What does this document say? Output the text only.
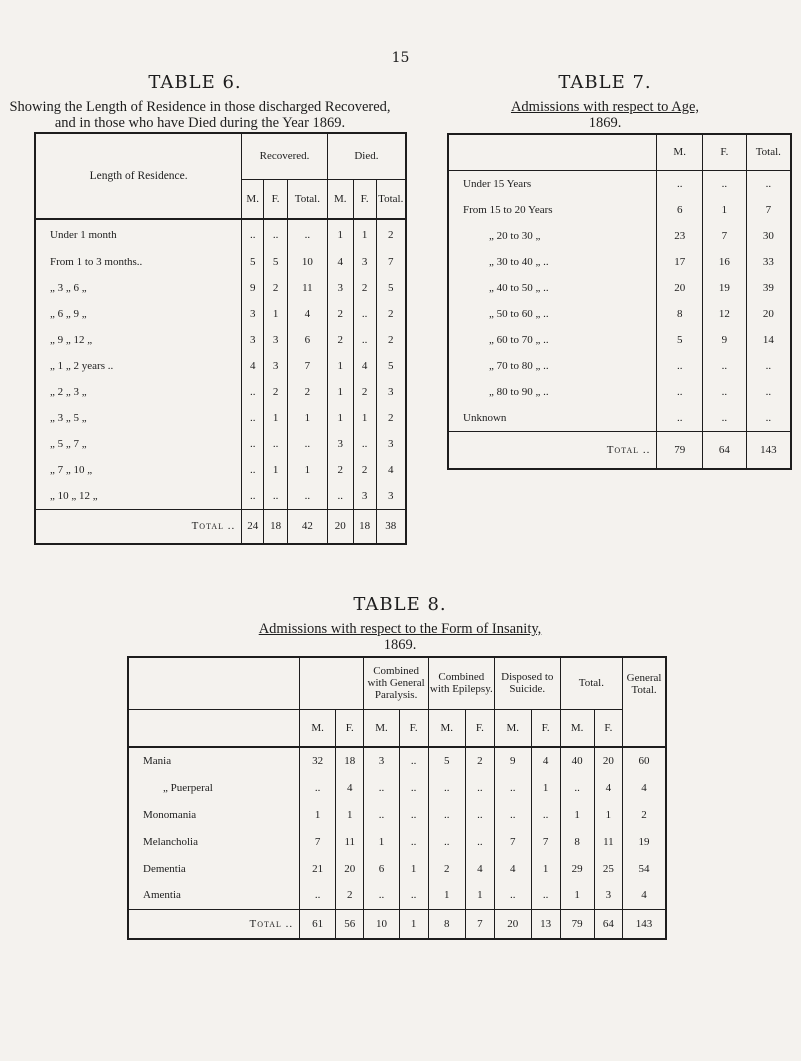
15
TABLE 6.
Showing the Length of Residence in those discharged Recovered,
and in those who have Died during the Year 1869.
Length of Residence.	Recovered.			Died.		
	M.	F.	Total.	M.	F.	Total.
Under 1 month	..	..	..	1	1	2
From 1 to 3 months..	5	5	10	4	3	7
„ 3 „ 6 „	9	2	11	3	2	5
„ 6 „ 9 „	3	1	4	2	..	2
„ 9 „ 12 „	3	3	6	2	..	2
„ 1 „ 2 years ..	4	3	7	1	4	5
„ 2 „ 3 „	..	2	2	1	2	3
„ 3 „ 5 „	..	1	1	1	1	2
„ 5 „ 7 „	..	..	..	3	..	3
„ 7 „ 10 „	..	1	1	2	2	4
„ 10 „ 12 „	..	..	..	..	3	3
Total ..	24	18	42	20	18	38
TABLE 7.
Admissions with respect to Age,
1869.
	M.	F.	Total.
Under 15 Years	..	..	..
From 15 to 20 Years	6	1	7
„ 20 to 30 „	23	7	30
„ 30 to 40 „ ..	17	16	33
„ 40 to 50 „ ..	20	19	39
„ 50 to 60 „ ..	8	12	20
„ 60 to 70 „ ..	5	9	14
„ 70 to 80 „ ..	..	..	..
„ 80 to 90 „ ..	..	..	..
Unknown	..	..	..
Total ..	79	64	143
TABLE 8.
Admissions with respect to the Form of Insanity,
1869.
			Combined with General Paralysis.		Combined with Epilepsy.		Disposed to Suicide.		Total.		General Total.
	M.	F.	M.	F.	M.	F.	M.	F.	M.	F.	
Mania	32	18	3	..	5	2	9	4	40	20	60
„ Puerperal	..	4	..	..	..	..	..	1	..	4	4
Monomania	1	1	..	..	..	..	..	..	1	1	2
Melancholia	7	11	1	..	..	..	7	7	8	11	19
Dementia	21	20	6	1	2	4	4	1	29	25	54
Amentia	..	2	..	..	1	1	..	..	1	3	4
Total ..	61	56	10	1	8	7	20	13	79	64	143
